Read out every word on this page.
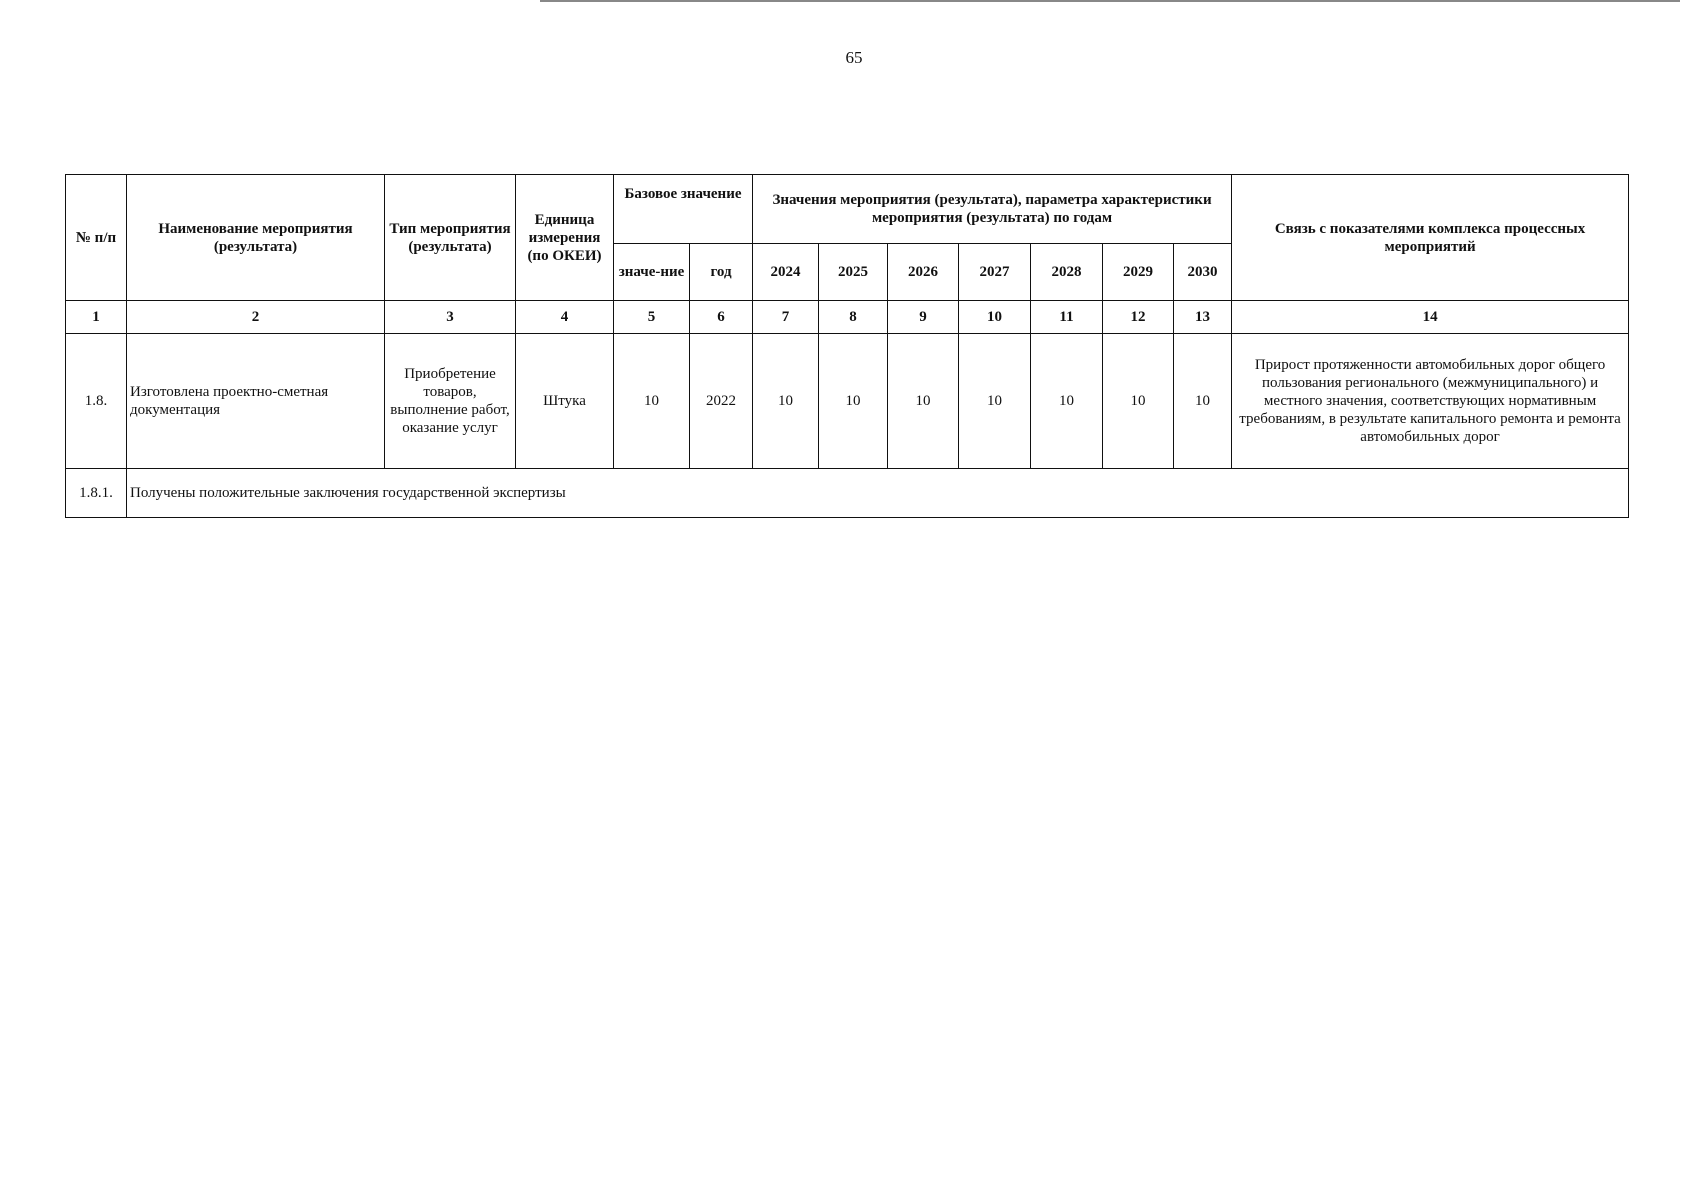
65
№ п/п	Наименование мероприятия (результата)	Тип мероприятия (результата)	Единица измерения (по ОКЕИ)	Базовое значение		Значения мероприятия (результата), параметра характеристики мероприятия (результата) по годам							Связь с показателями комплекса процессных мероприятий
				значе-ние	год	2024	2025	2026	2027	2028	2029	2030	
1	2	3	4	5	6	7	8	9	10	11	12	13	14
1.8.	Изготовлена проектно-сметная документация	Приобретение товаров, выполнение работ, оказание услуг	Штука	10	2022	10	10	10	10	10	10	10	Прирост протяженности автомобильных дорог общего пользования регионального (межмуниципального) и местного значения, соответствующих нормативным требованиям, в результате капитального ремонта и ремонта автомобильных дорог
1.8.1.	Получены положительные заключения государственной экспертизы												
